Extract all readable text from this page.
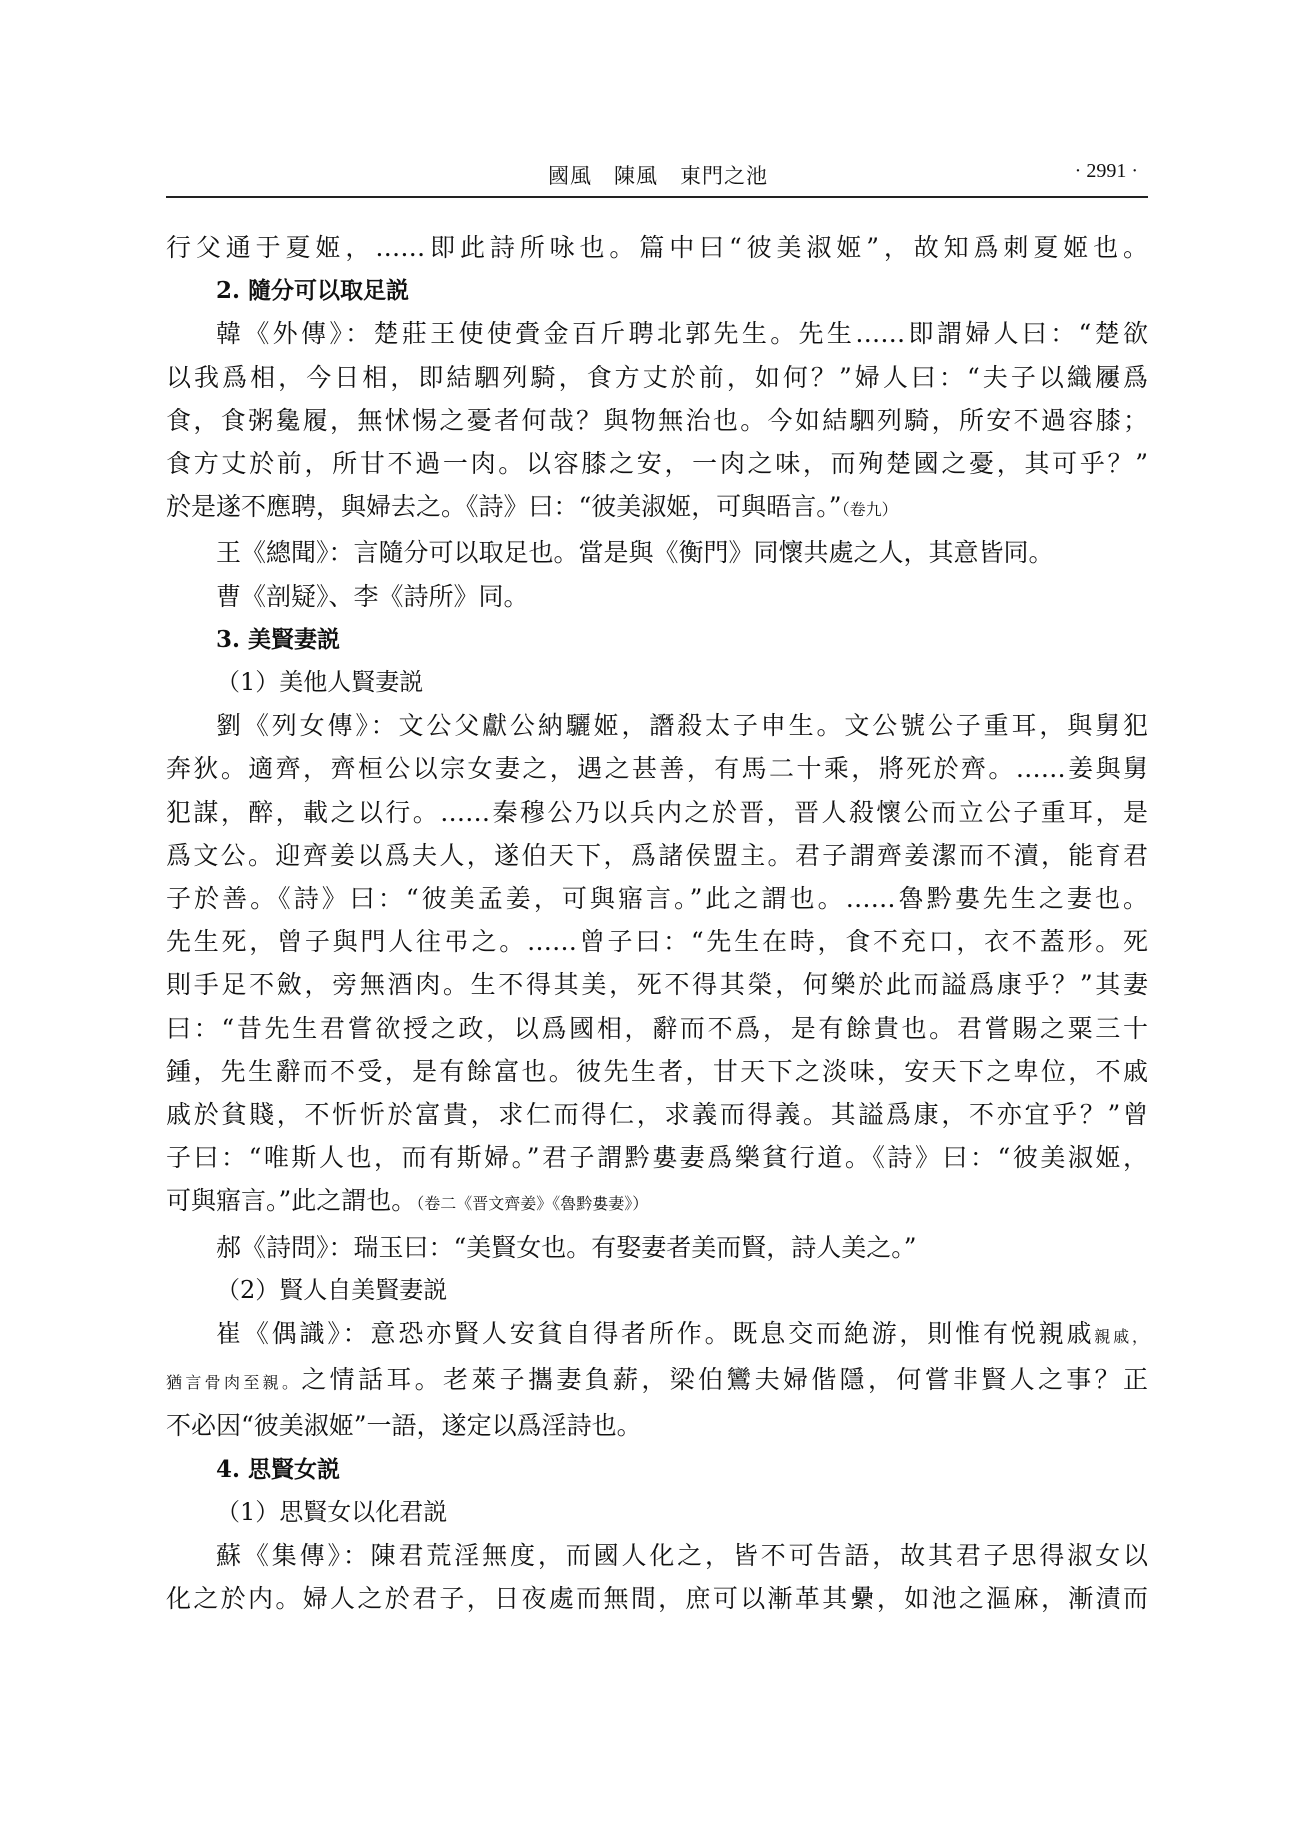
國風　陳風　東門之池	· 2991 ·

行父通于夏姬，……即此詩所咏也。篇中曰“彼美淑姬”，故知爲刺夏姬也。

2. 隨分可以取足説

韓《外傳》：楚莊王使使賫金百斤聘北郭先生。先生……即謂婦人曰：“楚欲

以我爲相，今日相，即結駟列騎，食方丈於前，如何？”婦人曰：“夫子以織屨爲

食，食粥毚履，無怵惕之憂者何哉？與物無治也。今如結駟列騎，所安不過容膝；

食方丈於前，所甘不過一肉。以容膝之安，一肉之味，而殉楚國之憂，其可乎？”

於是遂不應聘，與婦去之。《詩》曰：“彼美淑姬，可與晤言。”（卷九）

王《總聞》：言隨分可以取足也。當是與《衡門》同懷共處之人，其意皆同。

曹《剖疑》、李《詩所》同。

3. 美賢妻説

（1）美他人賢妻説

劉《列女傳》：文公父獻公納驪姬，譖殺太子申生。文公號公子重耳，與舅犯

奔狄。適齊，齊桓公以宗女妻之，遇之甚善，有馬二十乘，將死於齊。……姜與舅

犯謀，醉，載之以行。……秦穆公乃以兵内之於晋，晋人殺懷公而立公子重耳，是

爲文公。迎齊姜以爲夫人，遂伯天下，爲諸侯盟主。君子謂齊姜潔而不瀆，能育君

子於善。《詩》曰：“彼美孟姜，可與寤言。”此之謂也。……魯黔婁先生之妻也。

先生死，曾子與門人往弔之。……曾子曰：“先生在時，食不充口，衣不蓋形。死

則手足不斂，旁無酒肉。生不得其美，死不得其榮，何樂於此而謚爲康乎？”其妻

曰：“昔先生君嘗欲授之政，以爲國相，辭而不爲，是有餘貴也。君嘗賜之粟三十

鍾，先生辭而不受，是有餘富也。彼先生者，甘天下之淡味，安天下之卑位，不戚

戚於貧賤，不忻忻於富貴，求仁而得仁，求義而得義。其謚爲康，不亦宜乎？”曾

子曰：“唯斯人也，而有斯婦。”君子謂黔婁妻爲樂貧行道。《詩》曰：“彼美淑姬，

可與寤言。”此之謂也。（卷二《晋文齊姜》《魯黔婁妻》）

郝《詩問》：瑞玉曰：“美賢女也。有娶妻者美而賢，詩人美之。”

（2）賢人自美賢妻説

崔《偶識》：意恐亦賢人安貧自得者所作。既息交而絶游，則惟有悦親戚親戚，

猶言骨肉至親。之情話耳。老萊子攜妻負薪，梁伯鸞夫婦偕隱，何嘗非賢人之事？正

不必因“彼美淑姬”一語，遂定以爲淫詩也。

4. 思賢女説

（1）思賢女以化君説

蘇《集傳》：陳君荒淫無度，而國人化之，皆不可告語，故其君子思得淑女以

化之於内。婦人之於君子，日夜處而無間，庶可以漸革其纍，如池之漚麻，漸漬而
